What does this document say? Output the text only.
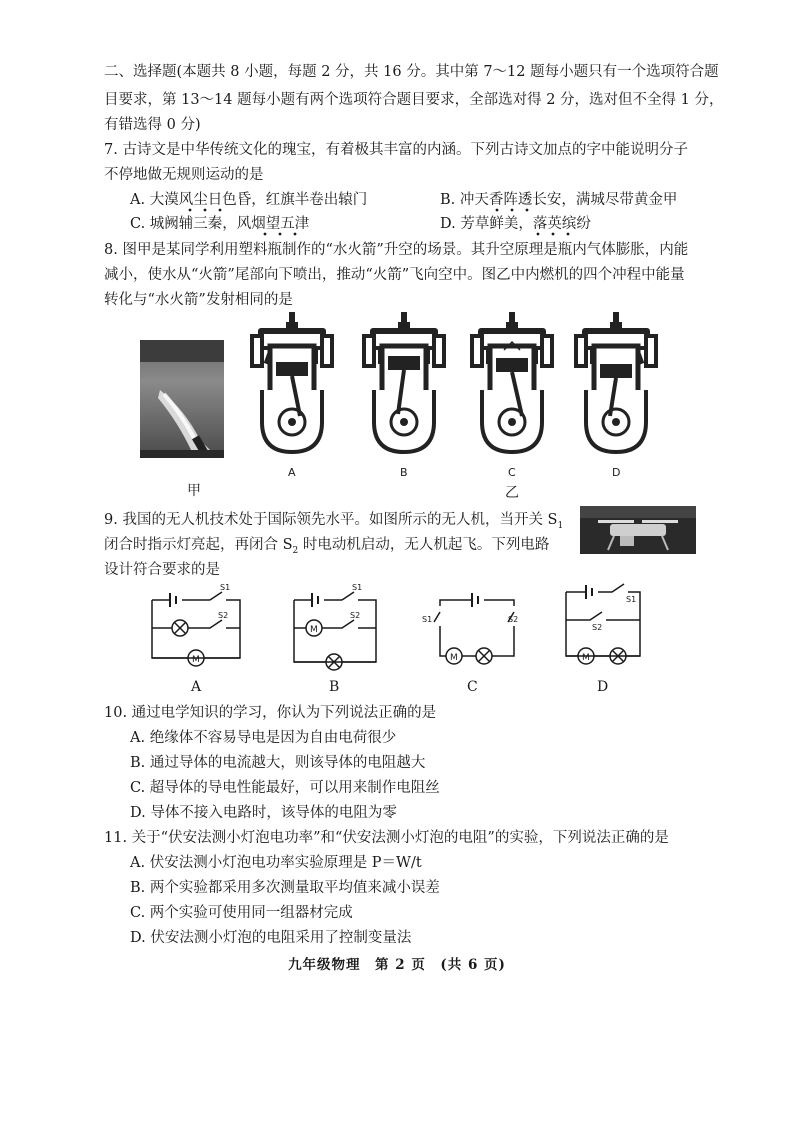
二、选择题(本题共 8 小题，每题 2 分，共 16 分。其中第 7～12 题每小题只有一个选项符合题
目要求，第 13～14 题每小题有两个选项符合题目要求，全部选对得 2 分，选对但不全得 1 分，
有错选得 0 分)
7. 古诗文是中华传统文化的瑰宝，有着极其丰富的内涵。下列古诗文加点的字中能说明分子
不停地做无规则运动的是
A. 大漠风尘日色昏，红旗半卷出辕门	B. 冲天香阵透长安，满城尽带黄金甲
C. 城阙辅三秦，风烟望五津	D. 芳草鲜美，落英缤纷
8. 图甲是某同学利用塑料瓶制作的“水火箭”升空的场景。其升空原理是瓶内气体膨胀，内能
减小，使水从“火箭”尾部向下喷出，推动“火箭”飞向空中。图乙中内燃机的四个冲程中能量
转化与“水火箭”发射相同的是
甲
A	B	C	D
乙
9. 我国的无人机技术处于国际领先水平。如图所示的无人机，当开关 $S_1$
闭合时指示灯亮起，再闭合 $S_2$ 时电动机启动，无人机起飞。下列电路
设计符合要求的是
M
M
M	M
S1
S2
S1
S2	S1	S2
S1
S2
A	B	C	D
10. 通过电学知识的学习，你认为下列说法正确的是
A. 绝缘体不容易导电是因为自由电荷很少
B. 通过导体的电流越大，则该导体的电阻越大
C. 超导体的导电性能最好，可以用来制作电阻丝
D. 导体不接入电路时，该导体的电阻为零
11. 关于“伏安法测小灯泡电功率”和“伏安法测小灯泡的电阻”的实验，下列说法正确的是
A. 伏安法测小灯泡电功率实验原理是 P＝W/t
B. 两个实验都采用多次测量取平均值来减小误差
C. 两个实验可使用同一组器材完成
D. 伏安法测小灯泡的电阻采用了控制变量法
九年级物理　第 2 页　(共 6 页)
